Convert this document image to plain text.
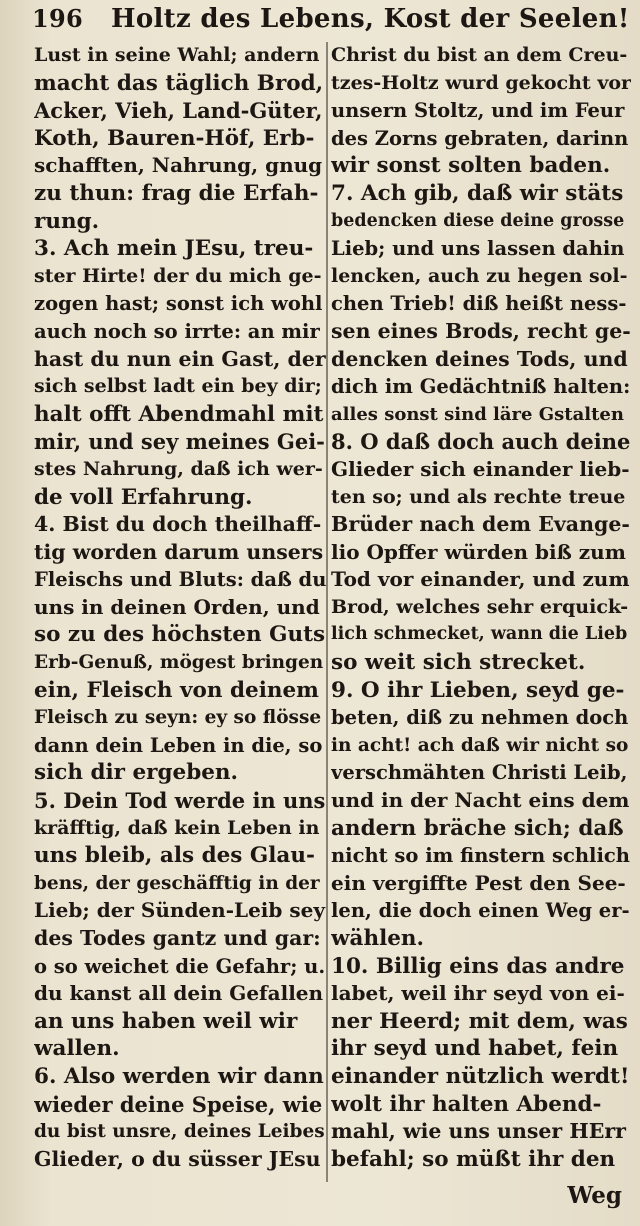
196 Holtz des Lebens, Kost der Seelen!
Lust in seine Wahl; andern
macht das täglich Brod,
Acker, Vieh, Land-Güter,
Koth, Bauren-Höf, Erb-
schafften, Nahrung, gnug
zu thun: frag die Erfah-
rung.
3. Ach mein JEsu, treu-
ster Hirte! der du mich ge-
zogen hast; sonst ich wohl
auch noch so irrte: an mir
hast du nun ein Gast, der
sich selbst ladt ein bey dir;
halt offt Abendmahl mit
mir, und sey meines Gei-
stes Nahrung, daß ich wer-
de voll Erfahrung.
4. Bist du doch theilhaff-
tig worden darum unsers
Fleischs und Bluts: daß du
uns in deinen Orden, und
so zu des höchsten Guts
Erb-Genuß, mögest bringen
ein, Fleisch von deinem
Fleisch zu seyn: ey so flösse
dann dein Leben in die, so
sich dir ergeben.
5. Dein Tod werde in uns
kräfftig, daß kein Leben in
uns bleib, als des Glau-
bens, der geschäfftig in der
Lieb; der Sünden-Leib sey
des Todes gantz und gar:
o so weichet die Gefahr; u.
du kanst all dein Gefallen
an uns haben weil wir
wallen.
6. Also werden wir dann
wieder deine Speise, wie
du bist unsre, deines Leibes
Glieder, o du süsser JEsu
Christ du bist an dem Creu-
tzes-Holtz wurd gekocht vor
unsern Stoltz, und im Feur
des Zorns gebraten, darinn
wir sonst solten baden.
7. Ach gib, daß wir stäts
bedencken diese deine grosse
Lieb; und uns lassen dahin
lencken, auch zu hegen sol-
chen Trieb! diß heißt ness-
sen eines Brods, recht ge-
dencken deines Tods, und
dich im Gedächtniß halten:
alles sonst sind läre Gstalten
8. O daß doch auch deine
Glieder sich einander lieb-
ten so; und als rechte treue
Brüder nach dem Evange-
lio Opffer würden biß zum
Tod vor einander, und zum
Brod, welches sehr erquick-
lich schmecket, wann die Lieb
so weit sich strecket.
9. O ihr Lieben, seyd ge-
beten, diß zu nehmen doch
in acht! ach daß wir nicht so
verschmähten Christi Leib,
und in der Nacht eins dem
andern bräche sich; daß
nicht so im finstern schlich
ein vergiffte Pest den See-
len, die doch einen Weg er-
wählen.
10. Billig eins das andre
labet, weil ihr seyd von ei-
ner Heerd; mit dem, was
ihr seyd und habet, fein
einander nützlich werdt!
wolt ihr halten Abend-
mahl, wie uns unser HErr
befahl; so müßt ihr den
Weg
